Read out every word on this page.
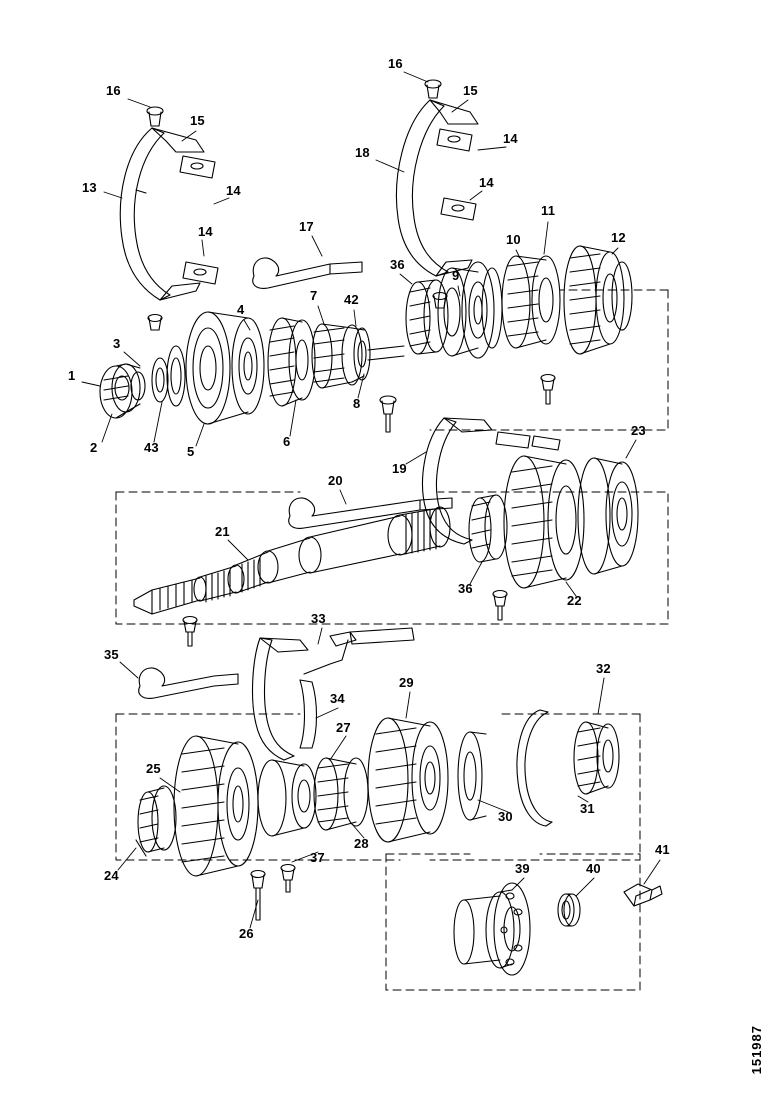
16
15
13	14
14
16
15
14
18
14
17
11
10	12
36
9
4
7 42
3
1
8
2	43 5
6
23
19
20
21
36
22
33
35
32
34
29
27
25
31
30
28
37
24
41
39	40
26
151987
